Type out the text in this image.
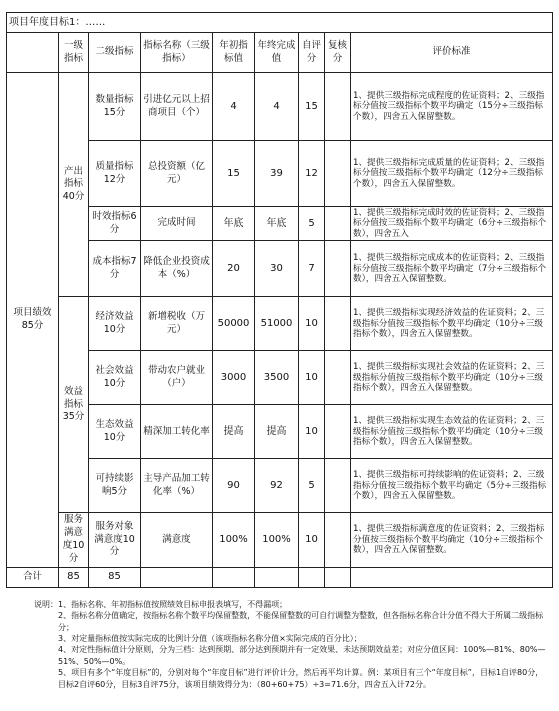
项目年度目标1：……								
	一级指标	二级指标	指标名称（三级指标）	年初指标值	年终完成值	自评分	复核分	评价标准
项目绩效85分	产出指标40分	数量指标15分	引进亿元以上招商项目（个）	4	4	15		1、提供三级指标完成程度的佐证资料；2、三级指标分值按三级指标个数平均确定（15分÷三级指标个数），四舍五入保留整数。
		质量指标12分	总投资额（亿元）	15	39	12		1、提供三级指标完成质量的佐证资料；2、三级指标分值按三级指标个数平均确定（12分÷三级指标个数），四舍五入保留整数。
		时效指标6分	完成时间	年底	年底	5		1、提供三级指标完成时效的佐证资料；2、三级指标分值按三级指标个数平均确定（6分÷三级指标个数），四舍五入
		成本指标7分	降低企业投资成本（%）	20	30	7		1、提供三级指标完成成本的佐证资料；2、三级指标分值按三级指标个数平均确定（7分÷三级指标个数），四舍五入保留整数。
	效益指标35分	经济效益10分	新增税收（万元）	50000	51000	10		1、提供三级指标实现经济效益的佐证资料；2、三级指标分值按三级指标个数平均确定（10分÷三级指标个数），四舍五入保留整数。
		社会效益10分	带动农户就业（户）	3000	3500	10		1、提供三级指标实现社会效益的佐证资料；2、三级指标分值按三级指标个数平均确定（10分÷三级指标个数），四舍五入保留整数。
		生态效益10分	精深加工转化率	提高	提高	10		1、提供三级指标实现生态效益的佐证资料；2、三级指标分值按三级指标个数平均确定（10分÷三级指标个数），四舍五入保留整数。
		可持续影响5分	主导产品加工转化率（%）	90	92	5		1、提供三级指标可持续影响的佐证资料；2、三级指标分值按三级指标个数平均确定（5分÷三级指标个数），四舍五入保留整数。
	服务满意度10分	服务对象满意度10分	满意度	100%	100%	10		1、提供三级指标满意度的佐证资料；2、三级指标分值按三级指标个数平均确定（10分÷三级指标个数），四舍五入保留整数。
合计	85	85						
说明： 1、指标名称、年初指标值按照绩效目标申报表填写，不得漏项；
2、指标名称分值确定，按指标名称个数平均保留整数，不能保留整数的可自行调整为整数，但各指标名称合计分值不得大于所属二级指标分；
3、对定量指标值按实际完成的比例计分值（该项指标名称分值×实际完成的百分比）；
4、对定性指标值计分原则，分为三档：达到预期、部分达到预期并有一定效果、未达预期效益差；对应分值区间：100%—81%、80%—51%、50%—0%。
5、项目有多个“年度目标”的，分别对每个“年度目标”进行评价计分，然后再平均计算。例：某项目有三个“年度目标”，目标1自评80分，目标2自评60分，目标3自评75分，该项目绩效得分为：（80+60+75）÷3=71.6分，四舍五入计72分。
